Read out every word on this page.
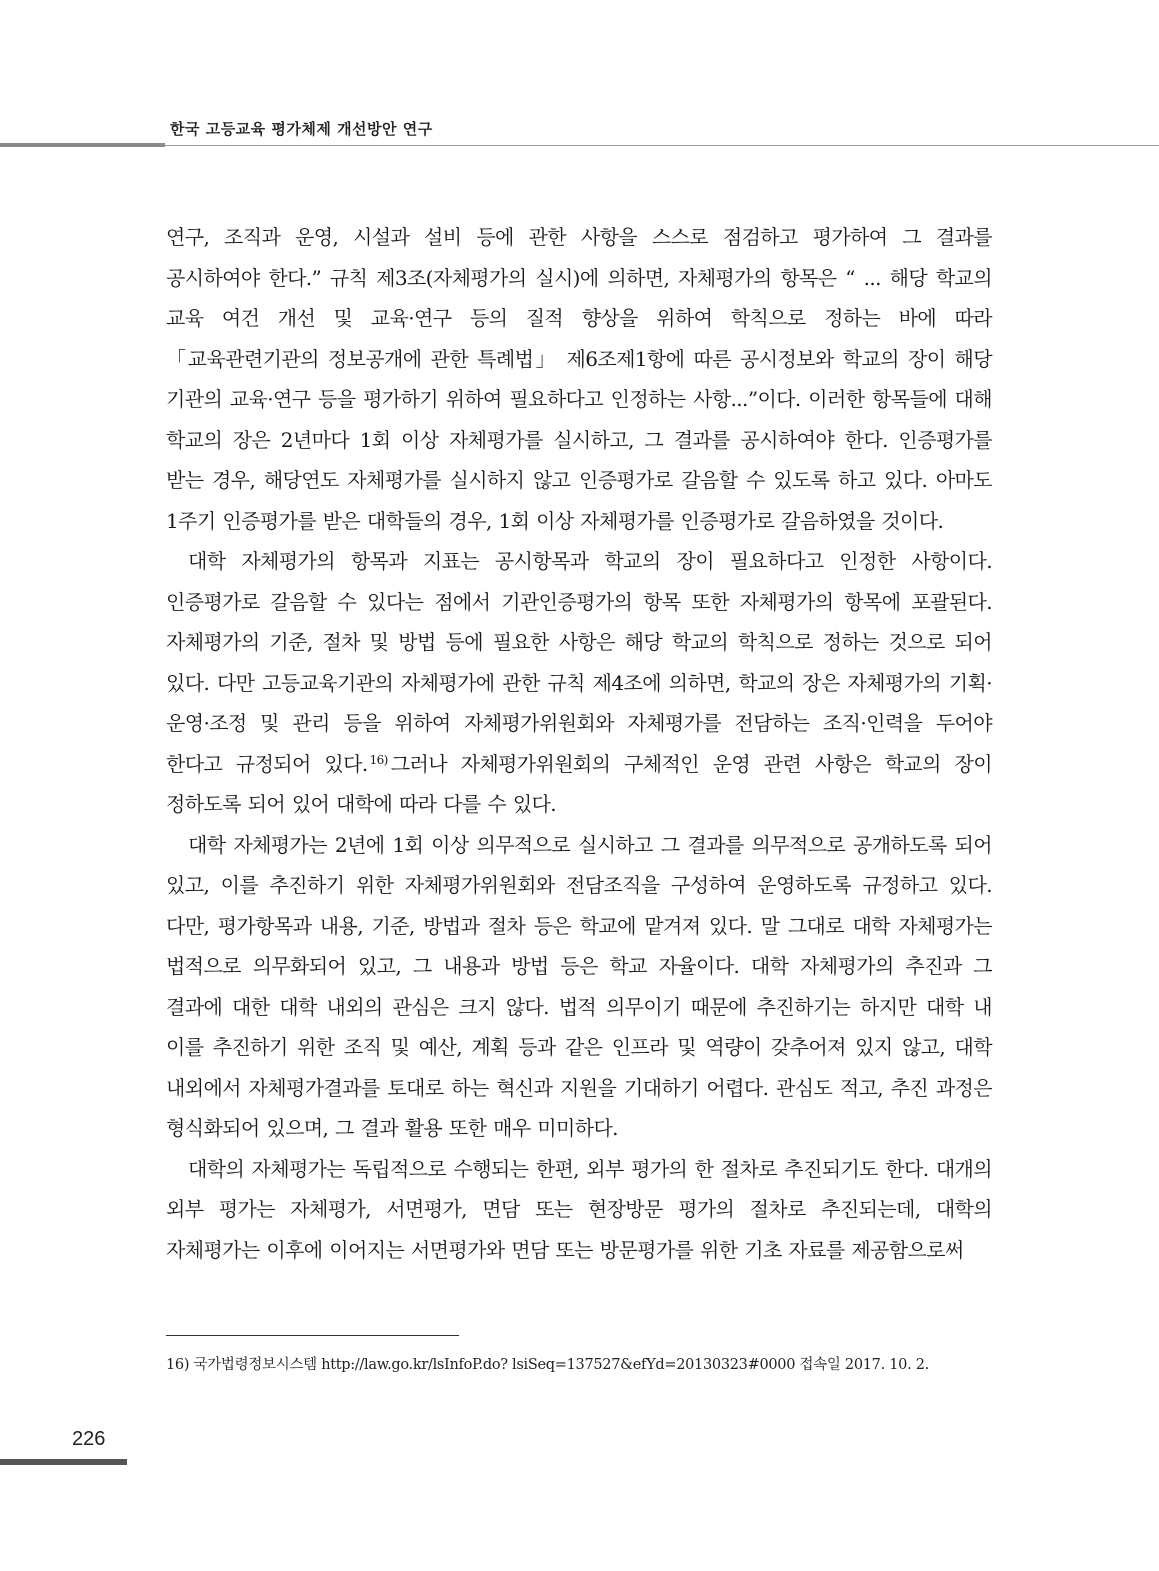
한국 고등교육 평가체제 개선방안 연구

연구, 조직과 운영, 시설과 설비 등에 관한 사항을 스스로 점검하고 평가하여 그 결과를 공시하여야 한다.” 규칙 제3조(자체평가의 실시)에 의하면, 자체평가의 항목은 “ ... 해당 학교의 교육 여건 개선 및 교육·연구 등의 질적 향상을 위하여 학칙으로 정하는 바에 따라 「교육관련기관의 정보공개에 관한 특례법」 제6조제1항에 따른 공시정보와 학교의 장이 해당 기관의 교육·연구 등을 평가하기 위하여 필요하다고 인정하는 사항...”이다. 이러한 항목들에 대해 학교의 장은 2년마다 1회 이상 자체평가를 실시하고, 그 결과를 공시하여야 한다. 인증평가를 받는 경우, 해당연도 자체평가를 실시하지 않고 인증평가로 갈음할 수 있도록 하고 있다. 아마도 1주기 인증평가를 받은 대학들의 경우, 1회 이상 자체평가를 인증평가로 갈음하였을 것이다.

대학 자체평가의 항목과 지표는 공시항목과 학교의 장이 필요하다고 인정한 사항이다. 인증평가로 갈음할 수 있다는 점에서 기관인증평가의 항목 또한 자체평가의 항목에 포괄된다. 자체평가의 기준, 절차 및 방법 등에 필요한 사항은 해당 학교의 학칙으로 정하는 것으로 되어 있다. 다만 고등교육기관의 자체평가에 관한 규칙 제4조에 의하면, 학교의 장은 자체평가의 기획·운영·조정 및 관리 등을 위하여 자체평가위원회와 자체평가를 전담하는 조직·인력을 두어야 한다고 규정되어 있다. $^{16)}$ 그러나 자체평가위원회의 구체적인 운영 관련 사항은 학교의 장이 정하도록 되어 있어 대학에 따라 다를 수 있다.

대학 자체평가는 2년에 1회 이상 의무적으로 실시하고 그 결과를 의무적으로 공개하도록 되어 있고, 이를 추진하기 위한 자체평가위원회와 전담조직을 구성하여 운영하도록 규정하고 있다. 다만, 평가항목과 내용, 기준, 방법과 절차 등은 학교에 맡겨져 있다. 말 그대로 대학 자체평가는 법적으로 의무화되어 있고, 그 내용과 방법 등은 학교 자율이다. 대학 자체평가의 추진과 그 결과에 대한 대학 내외의 관심은 크지 않다. 법적 의무이기 때문에 추진하기는 하지만 대학 내 이를 추진하기 위한 조직 및 예산, 계획 등과 같은 인프라 및 역량이 갖추어져 있지 않고, 대학 내외에서 자체평가결과를 토대로 하는 혁신과 지원을 기대하기 어렵다. 관심도 적고, 추진 과정은 형식화되어 있으며, 그 결과 활용 또한 매우 미미하다.

대학의 자체평가는 독립적으로 수행되는 한편, 외부 평가의 한 절차로 추진되기도 한다. 대개의 외부 평가는 자체평가, 서면평가, 면담 또는 현장방문 평가의 절차로 추진되는데, 대학의 자체평가는 이후에 이어지는 서면평가와 면담 또는 방문평가를 위한 기초 자료를 제공함으로써

16) 국가법령정보시스템 http://law.go.kr/lsInfoP.do? lsiSeq=137527&efYd=20130323#0000 접속일 2017. 10. 2.
226
